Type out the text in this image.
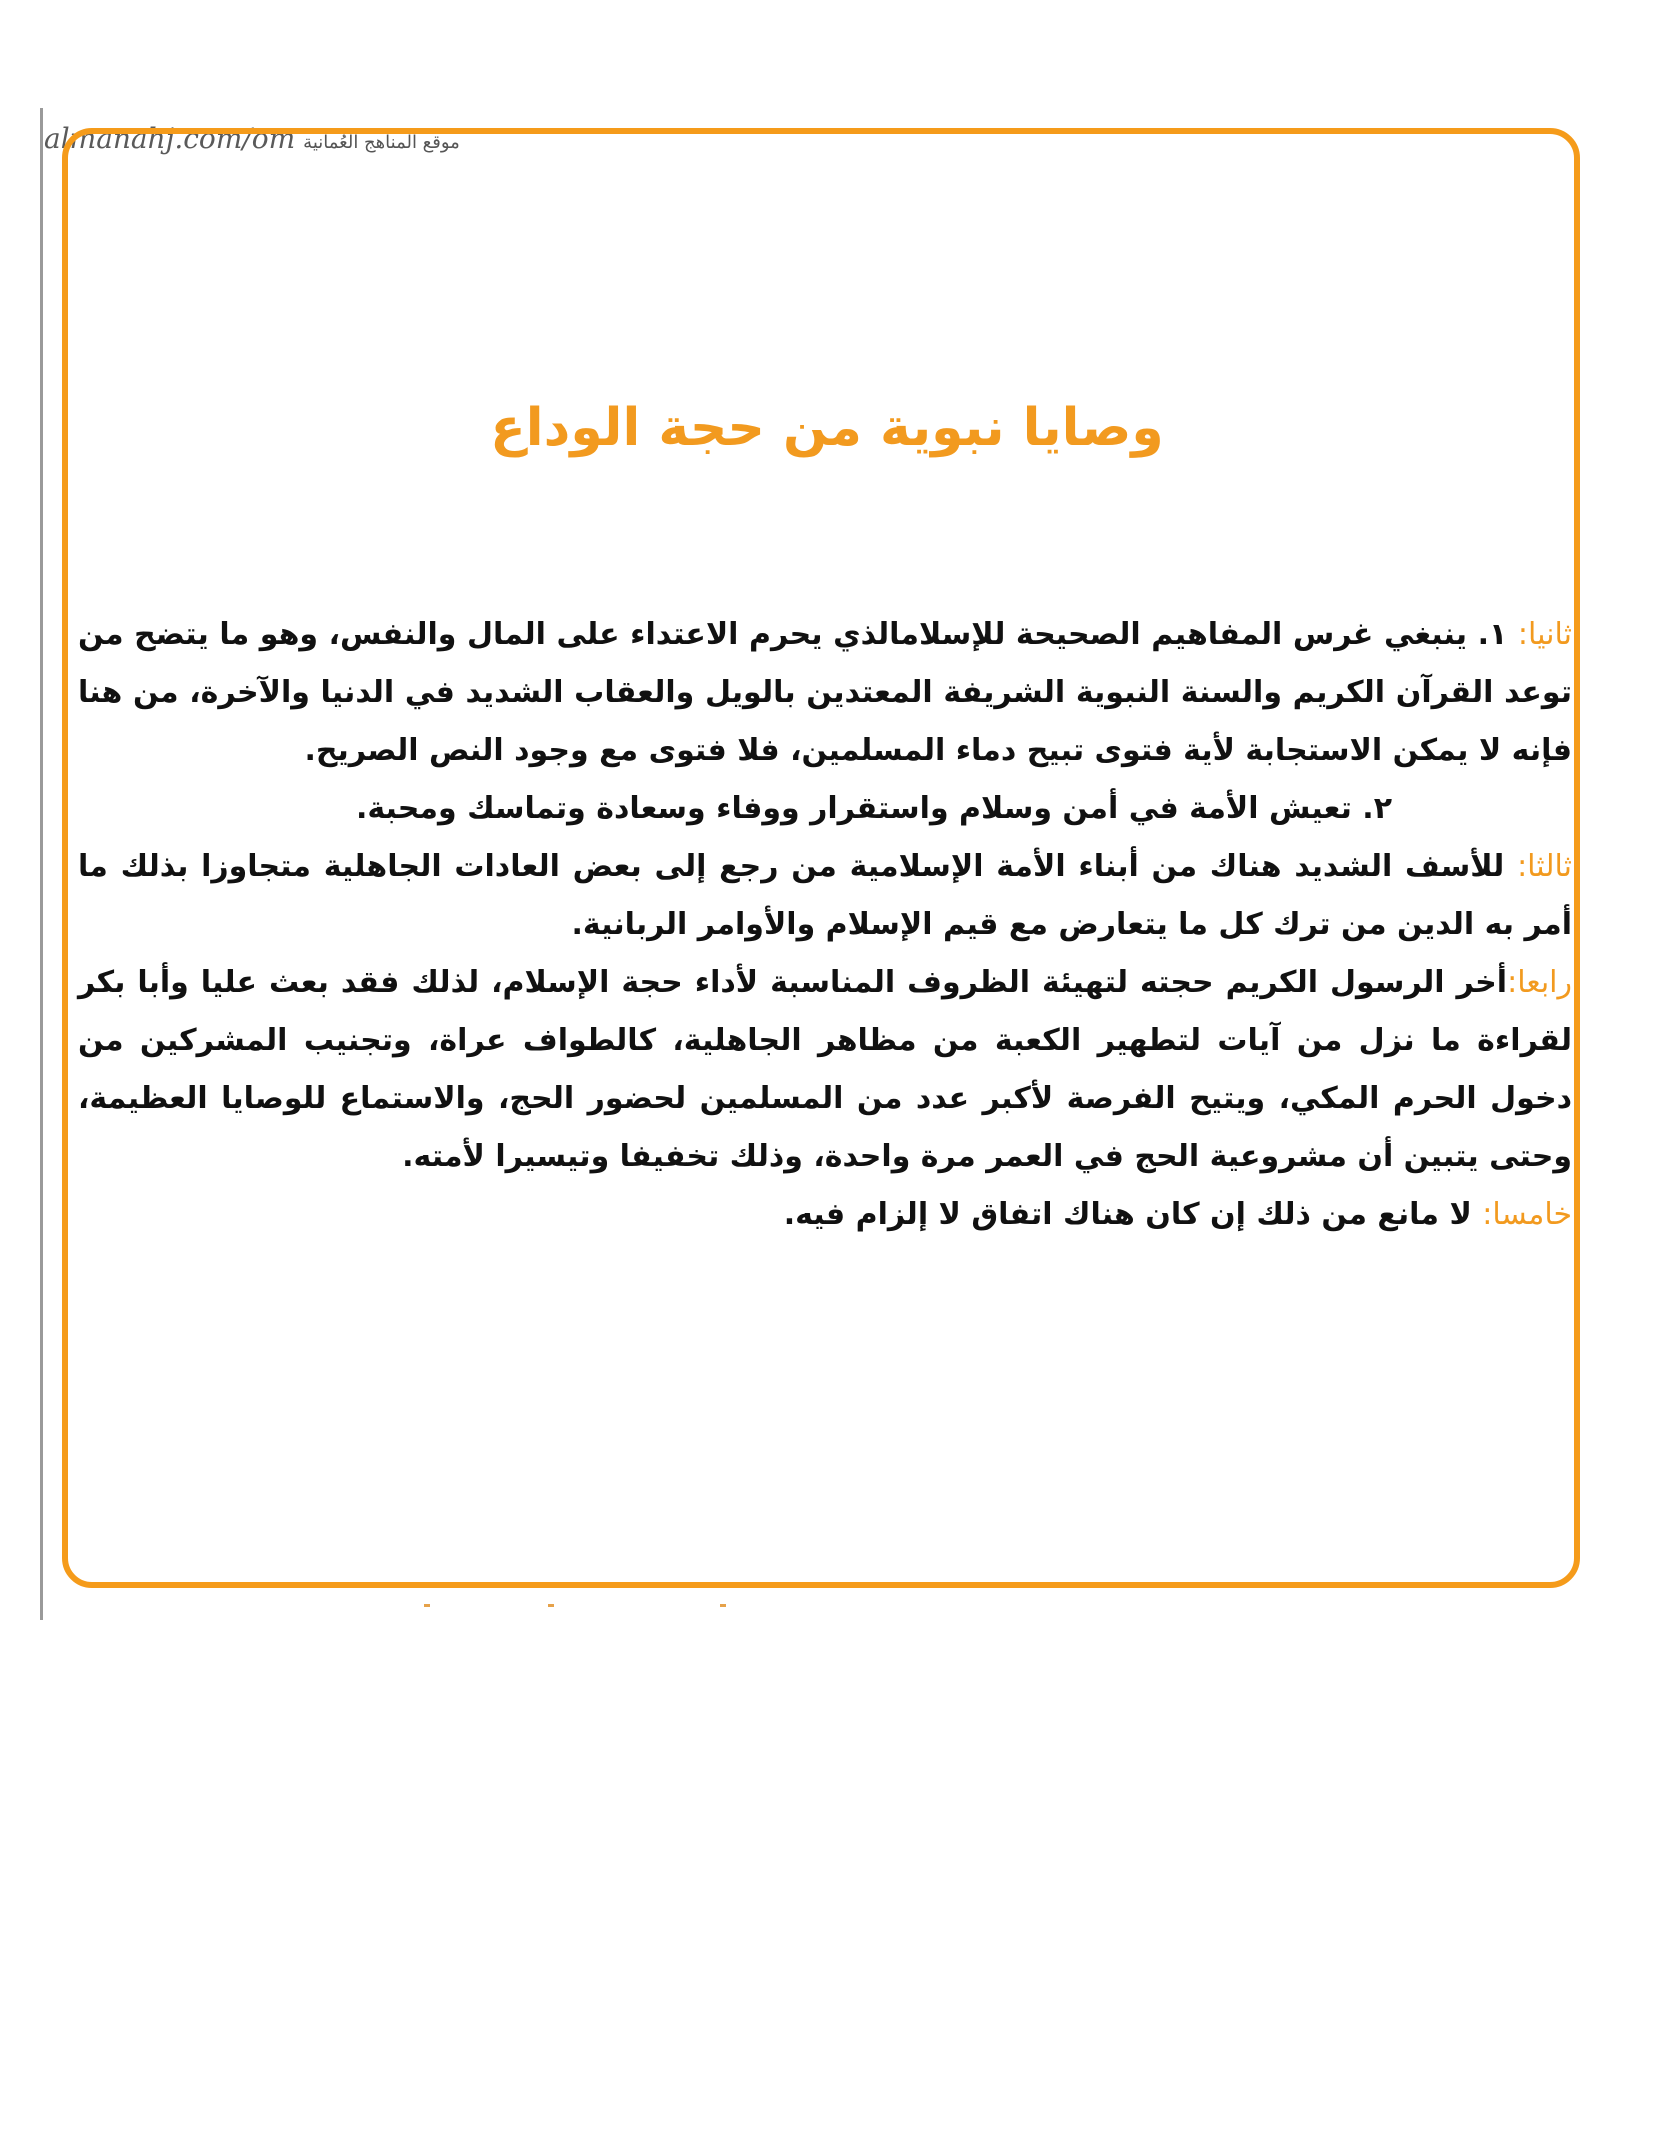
almanahj.com/om موقع المناهج العُمانية
وصايا نبوية من حجة الوداع

ثانيا: ١. ينبغي غرس المفاهيم الصحيحة للإسلامالذي يحرم الاعتداء على المال والنفس، وهو ما يتضح من توعد القرآن الكريم والسنة النبوية الشريفة المعتدين بالويل والعقاب الشديد في الدنيا والآخرة، من هنا فإنه لا يمكن الاستجابة لأية فتوى تبيح دماء المسلمين، فلا فتوى مع وجود النص الصريح.

٢. تعيش الأمة في أمن وسلام واستقرار ووفاء وسعادة وتماسك ومحبة.

ثالثا: للأسف الشديد هناك من أبناء الأمة الإسلامية من رجع إلى بعض العادات الجاهلية متجاوزا بذلك ما أمر به الدين من ترك كل ما يتعارض مع قيم الإسلام والأوامر الربانية.

رابعا:أخر الرسول الكريم حجته لتهيئة الظروف المناسبة لأداء حجة الإسلام، لذلك فقد بعث عليا وأبا بكر لقراءة ما نزل من آيات لتطهير الكعبة من مظاهر الجاهلية، كالطواف عراة، وتجنيب المشركين من دخول الحرم المكي، ويتيح الفرصة لأكبر عدد من المسلمين لحضور الحج، والاستماع للوصايا العظيمة، وحتى يتبين أن مشروعية الحج في العمر مرة واحدة، وذلك تخفيفا وتيسيرا لأمته.

خامسا: لا مانع من ذلك إن كان هناك اتفاق لا إلزام فيه.
